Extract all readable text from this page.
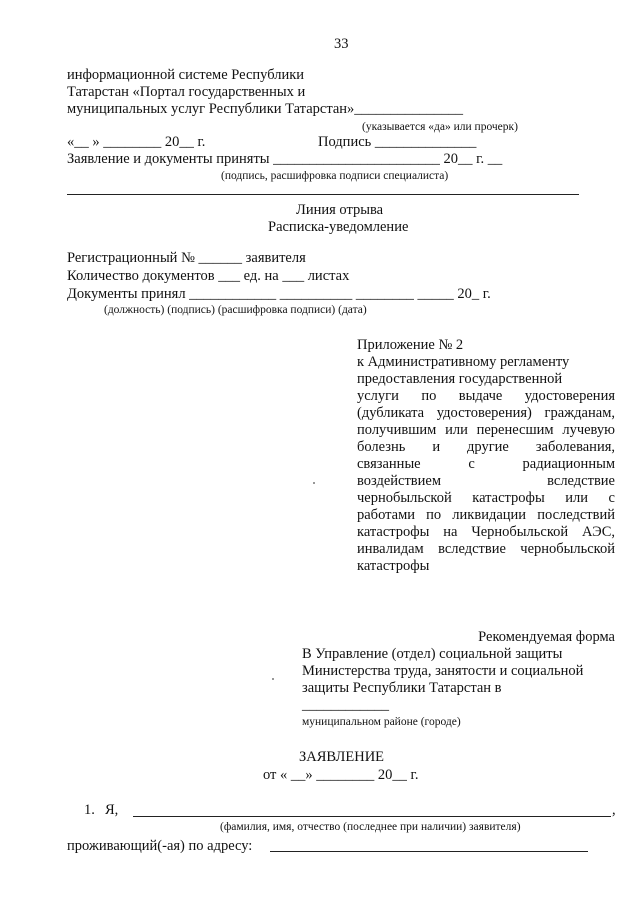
33
информационной системе Республики
Татарстан «Портал государственных и
муниципальных услуг Республики Татарстан»_______________
(указывается «да» или прочерк)
«__ » ________ 20__ г.	Подпись ______________
Заявление и документы приняты _______________________ 20__ г. __
(подпись, расшифровка подписи специалиста)
Линия отрыва
Расписка-уведомление
Регистрационный № ______ заявителя
Количество документов ___ ед. на ___ листах
Документы принял ____________ __________ ________ _____ 20_ г.
(должность) (подпись) (расшифровка подписи) (дата)
Приложение № 2
к Административному регламенту
предоставления государственной
услуги по выдаче удостоверения
(дубликата удостоверения) гражданам,
получившим или перенесшим лучевую
болезнь и другие заболевания,
связанные с радиационным
воздействием вследствие
чернобыльской катастрофы или с
работами по ликвидации последствий
катастрофы на Чернобыльской АЭС,
инвалидам вследствие чернобыльской
катастрофы
Рекомендуемая форма
В Управление (отдел) социальной защиты
Министерства труда, занятости и социальной
защиты Республики Татарстан в
____________
муниципальном районе (городе)
ЗАЯВЛЕНИЕ
от « __» ________ 20__ г.
1. Я,	,
(фамилия, имя, отчество (последнее при наличии) заявителя)
проживающий(-ая) по адресу:
